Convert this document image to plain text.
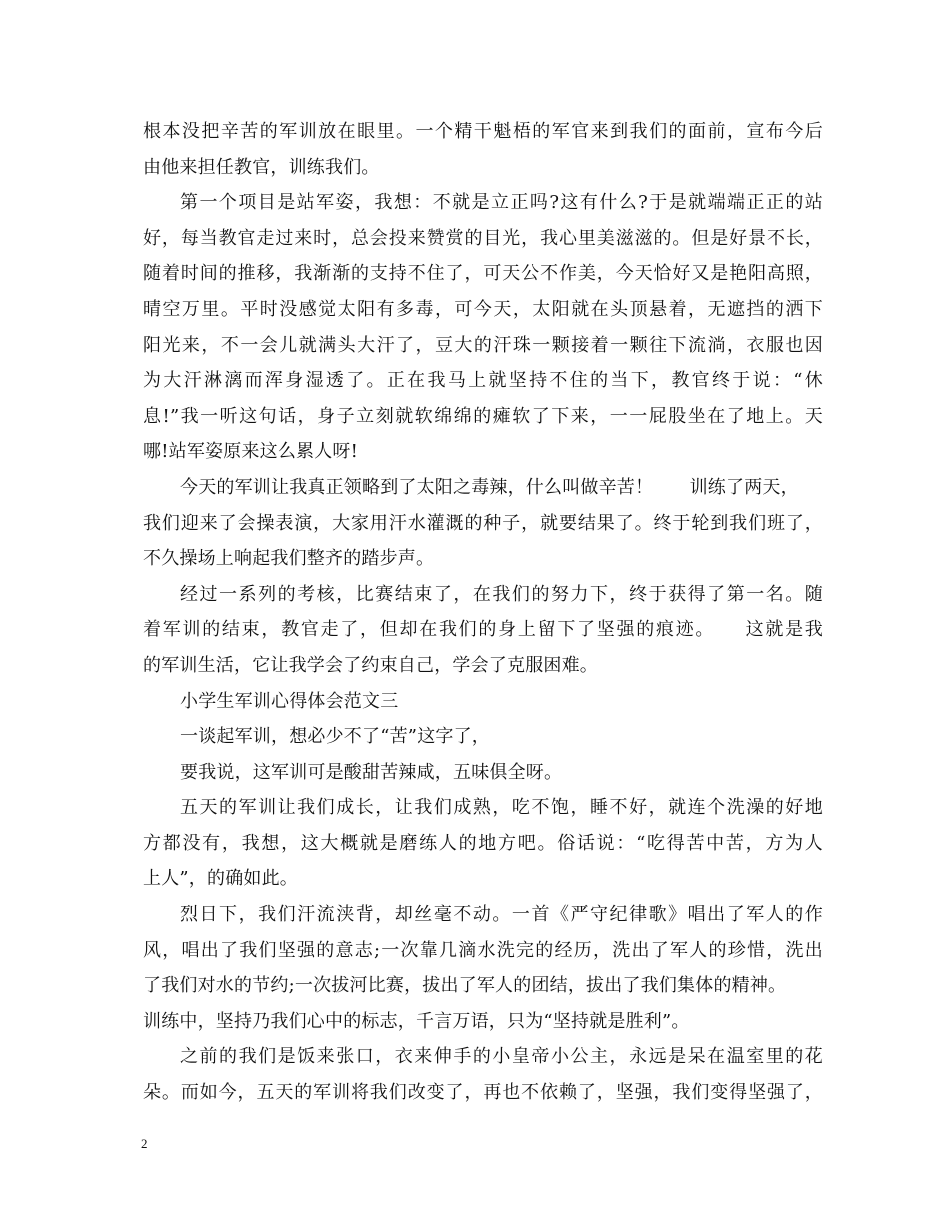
根本没把辛苦的军训放在眼里。一个精干魁梧的军官来到我们的面前，宣布今后
由他来担任教官，训练我们。
第一个项目是站军姿，我想：不就是立正吗?这有什么?于是就端端正正的站
好，每当教官走过来时，总会投来赞赏的目光，我心里美滋滋的。但是好景不长，
随着时间的推移，我渐渐的支持不住了，可天公不作美，今天恰好又是艳阳高照，
晴空万里。平时没感觉太阳有多毒，可今天，太阳就在头顶悬着，无遮挡的洒下
阳光来，不一会儿就满头大汗了，豆大的汗珠一颗接着一颗往下流淌，衣服也因
为大汗淋漓而浑身湿透了。正在我马上就坚持不住的当下，教官终于说：“休
息!”我一听这句话，身子立刻就软绵绵的瘫软了下来，一一屁股坐在了地上。天
哪!站军姿原来这么累人呀!
今天的军训让我真正领略到了太阳之毒辣，什么叫做辛苦！　　训练了两天，
我们迎来了会操表演，大家用汗水灌溉的种子，就要结果了。终于轮到我们班了，
不久操场上响起我们整齐的踏步声。
经过一系列的考核，比赛结束了，在我们的努力下，终于获得了第一名。随
着军训的结束，教官走了，但却在我们的身上留下了坚强的痕迹。　　这就是我
的军训生活，它让我学会了约束自己，学会了克服困难。
小学生军训心得体会范文三
一谈起军训，想必少不了“苦”这字了，
要我说，这军训可是酸甜苦辣咸，五味俱全呀。
五天的军训让我们成长，让我们成熟，吃不饱，睡不好，就连个洗澡的好地
方都没有，我想，这大概就是磨练人的地方吧。俗话说：“吃得苦中苦，方为人
上人”，的确如此。
烈日下，我们汗流浃背，却丝毫不动。一首《严守纪律歌》唱出了军人的作
风，唱出了我们坚强的意志;一次靠几滴水洗完的经历，洗出了军人的珍惜，洗出
了我们对水的节约;一次拔河比赛，拔出了军人的团结，拔出了我们集体的精神。
训练中，坚持乃我们心中的标志，千言万语，只为“坚持就是胜利”。
之前的我们是饭来张口，衣来伸手的小皇帝小公主，永远是呆在温室里的花
朵。而如今，五天的军训将我们改变了，再也不依赖了，坚强，我们变得坚强了，
2
